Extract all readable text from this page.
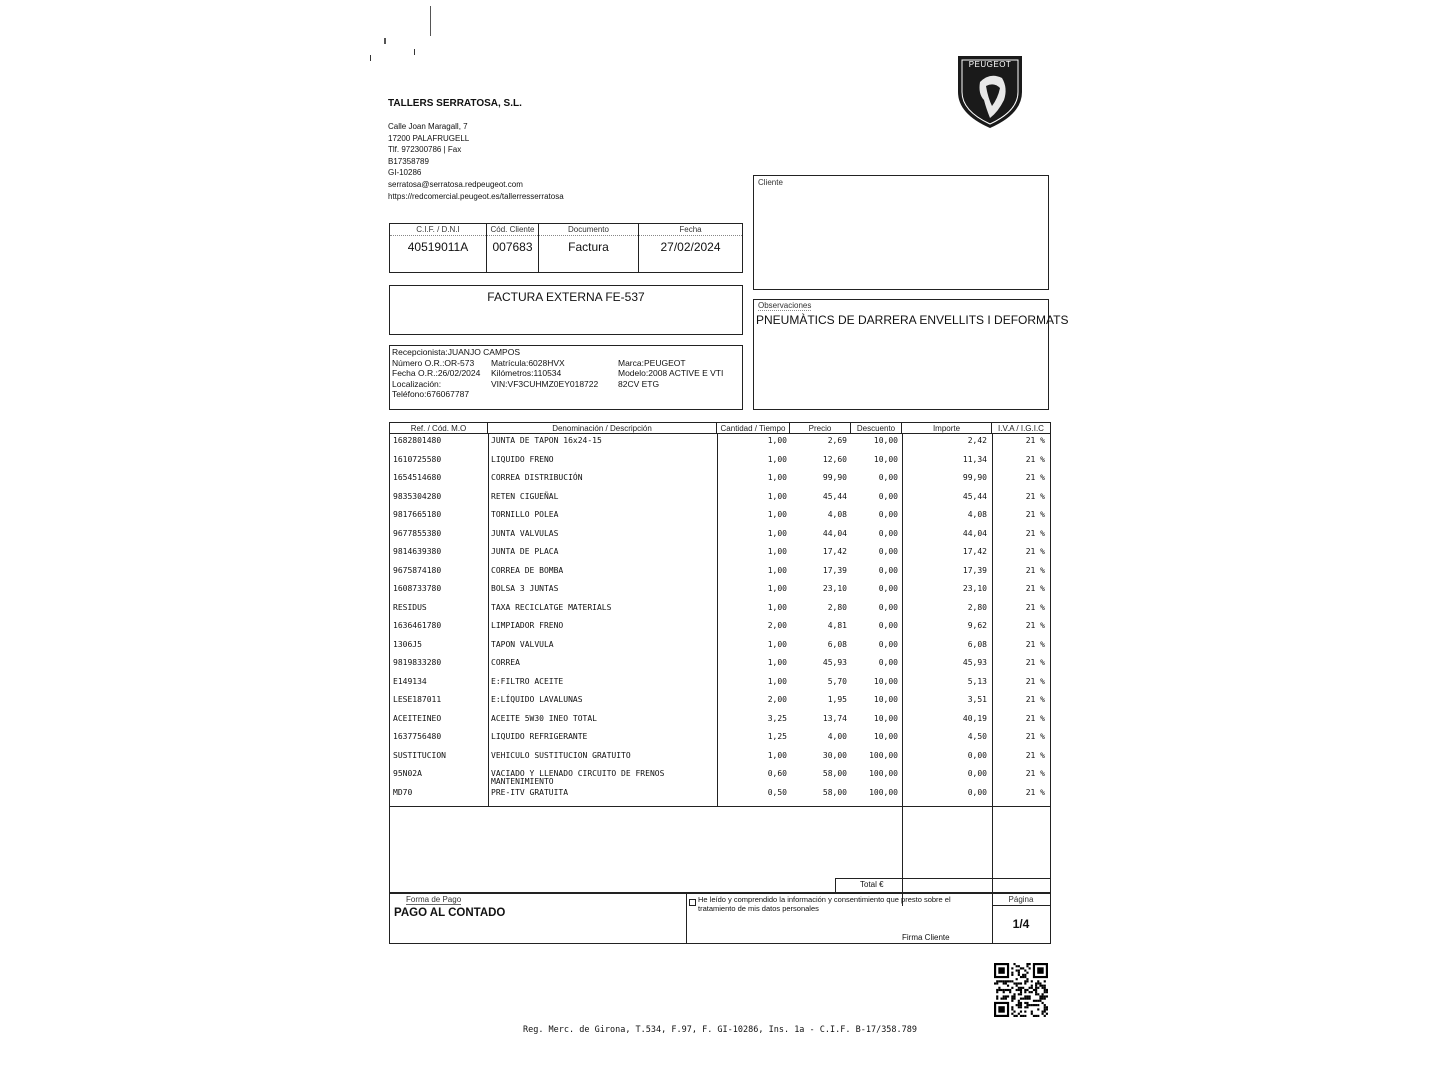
TALLERS SERRATOSA, S.L.
Calle Joan Maragall, 7
17200 PALAFRUGELL
Tlf. 972300786 | Fax
B17358789
GI-10286
serratosa@serratosa.redpeugeot.com
https://redcomercial.peugeot.es/tallerresserratosa
PEUGEOT
C.I.F. / D.N.I
40519011A
Cód. Cliente
007683
Documento
Factura
Fecha
27/02/2024
Cliente
FACTURA EXTERNA FE-537
Observaciones
PNEUMÀTICS DE DARRERA ENVELLITS I DEFORMATS
Recepcionista:JUANJO CAMPOS
Número O.R.:OR-573
Fecha O.R.:26/02/2024
Localización:
Teléfono:676067787
Matrícula:6028HVX
Kilómetros:110534
VIN:VF3CUHMZ0EY018722
Marca:PEUGEOT
Modelo:2008 ACTIVE E VTI
82CV ETG
Ref. / Cód. M.O	Denominación / Descripción	Cantidad / Tiempo	Precio	Descuento	Importe	I.V.A / I.G.I.C
1682801480	JUNTA DE TAPON 16x24-15	1,00	2,69	10,00	2,42	21 %
1610725580	LIQUIDO FRENO	1,00	12,60	10,00	11,34	21 %
1654514680	CORREA DISTRIBUCIÓN	1,00	99,90	0,00	99,90	21 %
9835304280	RETEN CIGUEÑAL	1,00	45,44	0,00	45,44	21 %
9817665180	TORNILLO POLEA	1,00	4,08	0,00	4,08	21 %
9677855380	JUNTA VALVULAS	1,00	44,04	0,00	44,04	21 %
9814639380	JUNTA DE PLACA	1,00	17,42	0,00	17,42	21 %
9675874180	CORREA DE BOMBA	1,00	17,39	0,00	17,39	21 %
1608733780	BOLSA 3 JUNTAS	1,00	23,10	0,00	23,10	21 %
RESIDUS	TAXA RECICLATGE MATERIALS	1,00	2,80	0,00	2,80	21 %
1636461780	LIMPIADOR FRENO	2,00	4,81	0,00	9,62	21 %
1306J5	TAPON VALVULA	1,00	6,08	0,00	6,08	21 %
9819833280	CORREA	1,00	45,93	0,00	45,93	21 %
E149134	E:FILTRO ACEITE	1,00	5,70	10,00	5,13	21 %
LESE187011	E:LÍQUIDO LAVALUNAS	2,00	1,95	10,00	3,51	21 %
ACEITEINEO	ACEITE 5W30 INEO TOTAL	3,25	13,74	10,00	40,19	21 %
1637756480	LIQUIDO REFRIGERANTE	1,25	4,00	10,00	4,50	21 %
SUSTITUCION	VEHICULO SUSTITUCION GRATUITO	1,00	30,00	100,00	0,00	21 %
95N02A	VACIADO Y LLENADO CIRCUITO DE FRENOS	0,60	58,00	100,00	0,00	21 %
MANTENIMIENTO
MD70	PRE-ITV GRATUITA	0,50	58,00	100,00	0,00	21 %
Total €
Forma de Pago
PAGO AL CONTADO
He leído y comprendido la información y consentimiento que presto sobre el tratamiento de mis datos personales
Firma Cliente
Página
1/4
Reg. Merc. de Girona, T.534, F.97, F. GI-10286, Ins. 1a - C.I.F. B-17/358.789
